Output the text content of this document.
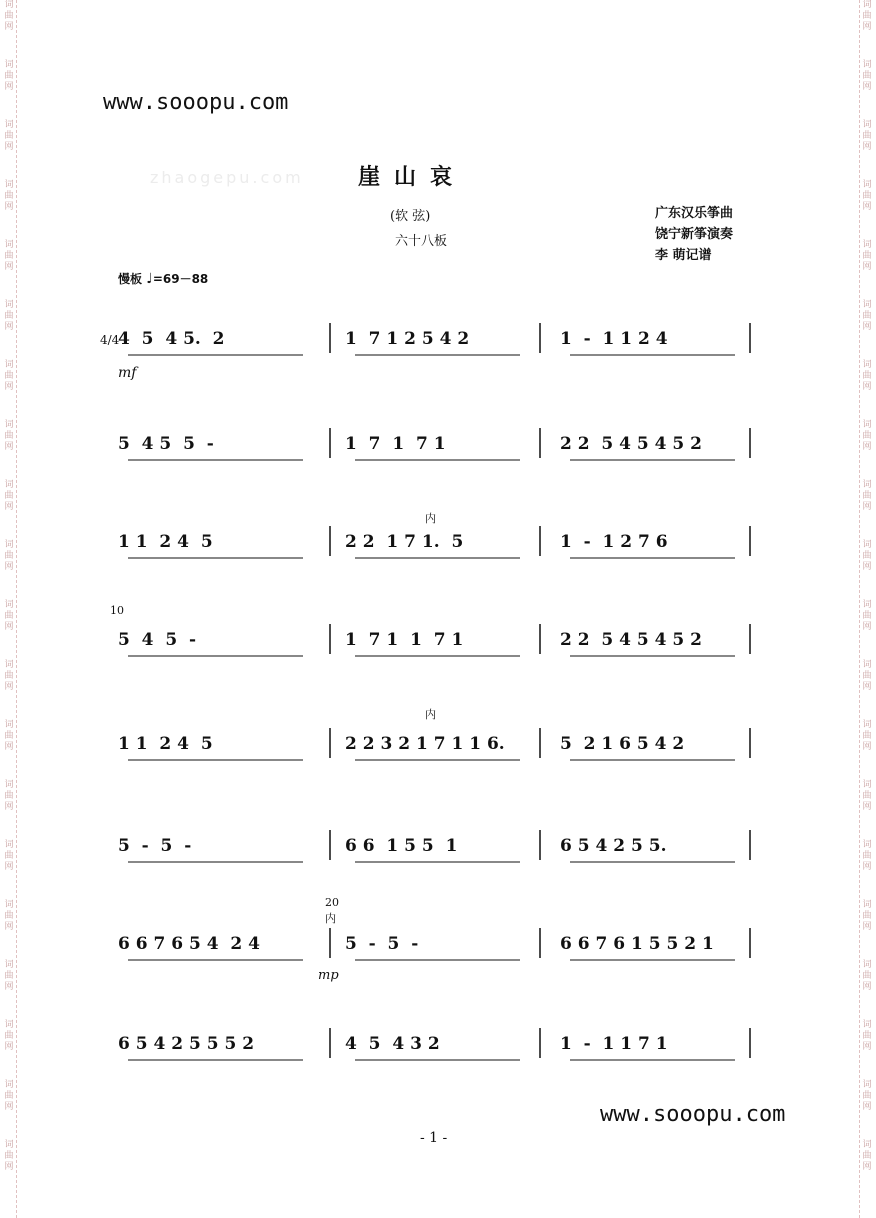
词
曲
网
词
曲
网
词
曲
网
词
曲
网
词
曲
网
词
曲
网
词
曲
网
词
曲
网
词
曲
网
词
曲
网
词
曲
网
词
曲
网
词
曲
网
词
曲
网
词
曲
网
词
曲
网
词
曲
网
词
曲
网
词
曲
网
词
曲
网
词
曲
网
词
曲
网
词
曲
网
词
曲
网
词
曲
网
词
曲
网
词
曲
网
词
曲
网
词
曲
网
词
曲
网
词
曲
网
词
曲
网
词
曲
网
词
曲
网
词
曲
网
词
曲
网
词
曲
网
词
曲
网
词
曲
网
词
曲
网
zhaogepu.com
www.sooopu.com
崖山哀
(软 弦)
六十八板
广东汉乐筝曲
饶宁新筝演奏
李 萌记谱
慢板 ♩=69－88
4  5  4 5.  2	1  7 1 2 5 4 2	1  -  1 1 2 4
5  4 5  5  -	1  7  1  7 1	2 2  5 4 5 4 5 2
1 1  2 4  5	2 2  1 7 1.  5	1  -  1 2 7 6
5  4  5  -	1  7 1  1  7 1	2 2  5 4 5 4 5 2
1 1  2 4  5	2 2 3 2 1 7 1 1 6.	5  2 1 6 5 4 2
5  -  5  -	6 6  1 5 5  1	6 5 4 2 5 5.
6 6 7 6 5 4  2 4	5  -  5  -	6 6 7 6 1 5 5 2 1
6 5 4 2 5 5 5 2	4  5  4 3 2	1  -  1 1 7 1
www.sooopu.com
- 1 -
4/4
mf
mp
10
20
内
内
内
